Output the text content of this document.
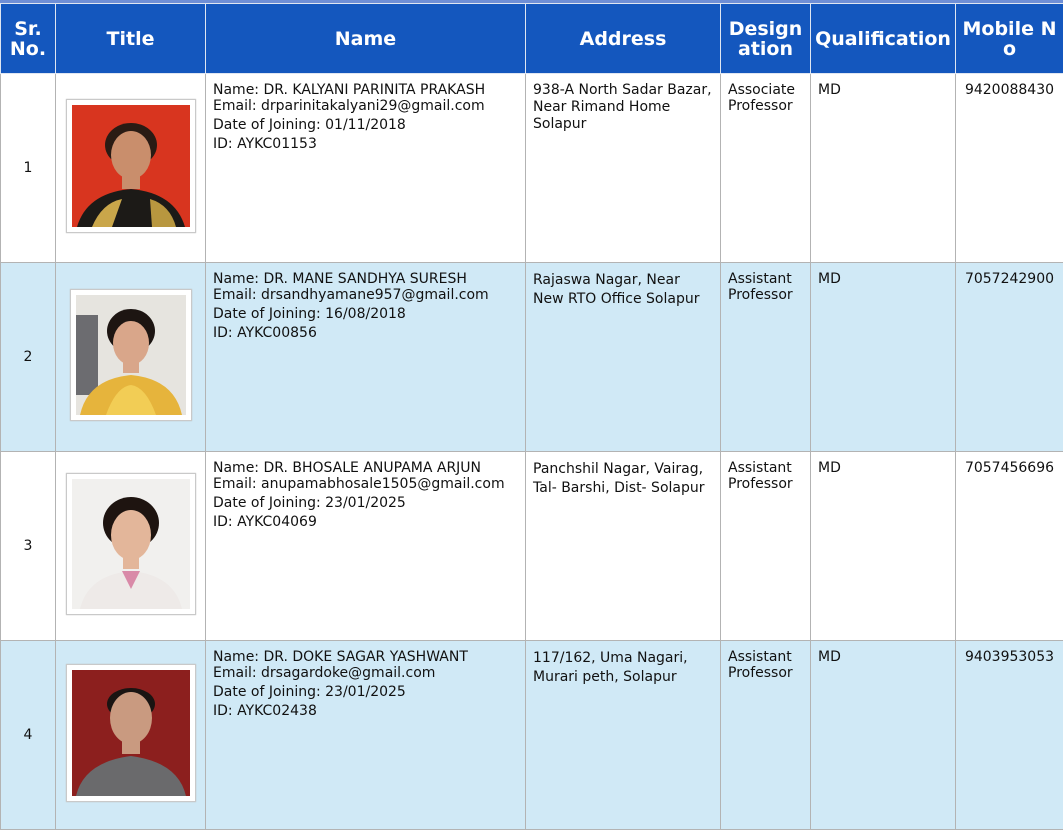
Sr. No.	Title	Name	Address	Designation	Qualification	Mobile No
1		Name: DR. KALYANI PARINITA PRAKASH
Email: drparinitakalyani29@gmail.com
Date of Joining: 01/11/2018
ID: AYKC01153	938-A North Sadar Bazar, Near Rimand Home Solapur	Associate Professor	MD	9420088430
2		Name: DR. MANE SANDHYA SURESH
Email: drsandhyamane957@gmail.com
Date of Joining: 16/08/2018
ID: AYKC00856	Rajaswa Nagar, Near New RTO Office Solapur	Assistant Professor	MD	7057242900
3		Name: DR. BHOSALE ANUPAMA ARJUN
Email: anupamabhosale1505@gmail.com
Date of Joining: 23/01/2025
ID: AYKC04069	Panchshil Nagar, Vairag, Tal- Barshi, Dist- Solapur	Assistant Professor	MD	7057456696
4		Name: DR. DOKE SAGAR YASHWANT
Email: drsagardoke@gmail.com
Date of Joining: 23/01/2025
ID: AYKC02438	117/162, Uma Nagari, Murari peth, Solapur	Assistant Professor	MD	9403953053
